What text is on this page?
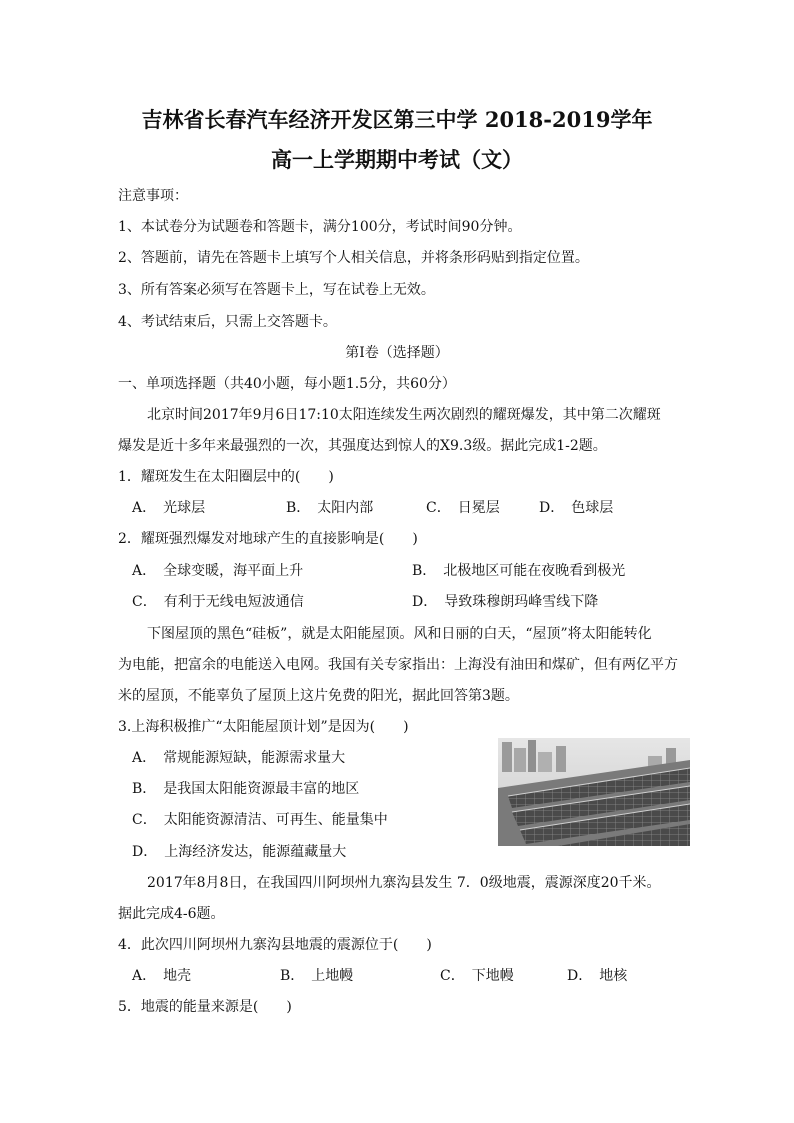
吉林省长春汽车经济开发区第三中学 2018-2019学年
高一上学期期中考试（文）
注意事项：
1、本试卷分为试题卷和答题卡，满分100分，考试时间90分钟。
2、答题前，请先在答题卡上填写个人相关信息，并将条形码贴到指定位置。
3、所有答案必须写在答题卡上，写在试卷上无效。
4、考试结束后，只需上交答题卡。
第Ⅰ卷（选择题）
一、单项选择题（共40小题，每小题1.5分，共60分）
北京时间2017年9月6日17:10太阳连续发生两次剧烈的耀斑爆发，其中第二次耀斑
爆发是近十多年来最强烈的一次，其强度达到惊人的X9.3级。据此完成1-2题。
1．耀斑发生在太阳圈层中的(　　)
A．　光球层	B．　太阳内部	C．　日冕层	D．　色球层
2．耀斑强烈爆发对地球产生的直接影响是(　　)
A．　全球变暖，海平面上升	B．　北极地区可能在夜晚看到极光
C．　有利于无线电短波通信	D．　导致珠穆朗玛峰雪线下降
下图屋顶的黑色“硅板”，就是太阳能屋顶。风和日丽的白天，“屋顶”将太阳能转化
为电能，把富余的电能送入电网。我国有关专家指出：上海没有油田和煤矿，但有两亿平方
米的屋顶，不能辜负了屋顶上这片免费的阳光，据此回答第3题。
3.上海积极推广“太阳能屋顶计划”是因为(　　)
A．　常规能源短缺，能源需求量大
B．　是我国太阳能资源最丰富的地区
C．　太阳能资源清洁、可再生、能量集中
D．　上海经济发达，能源蕴藏量大
2017年8月8日，在我国四川阿坝州九寨沟县发生 7．0级地震，震源深度20千米。
据此完成4-6题。
4．此次四川阿坝州九寨沟县地震的震源位于(　　)
A．　地壳	B．　上地幔	C．　下地幔	D．　地核
5．地震的能量来源是(　　)
